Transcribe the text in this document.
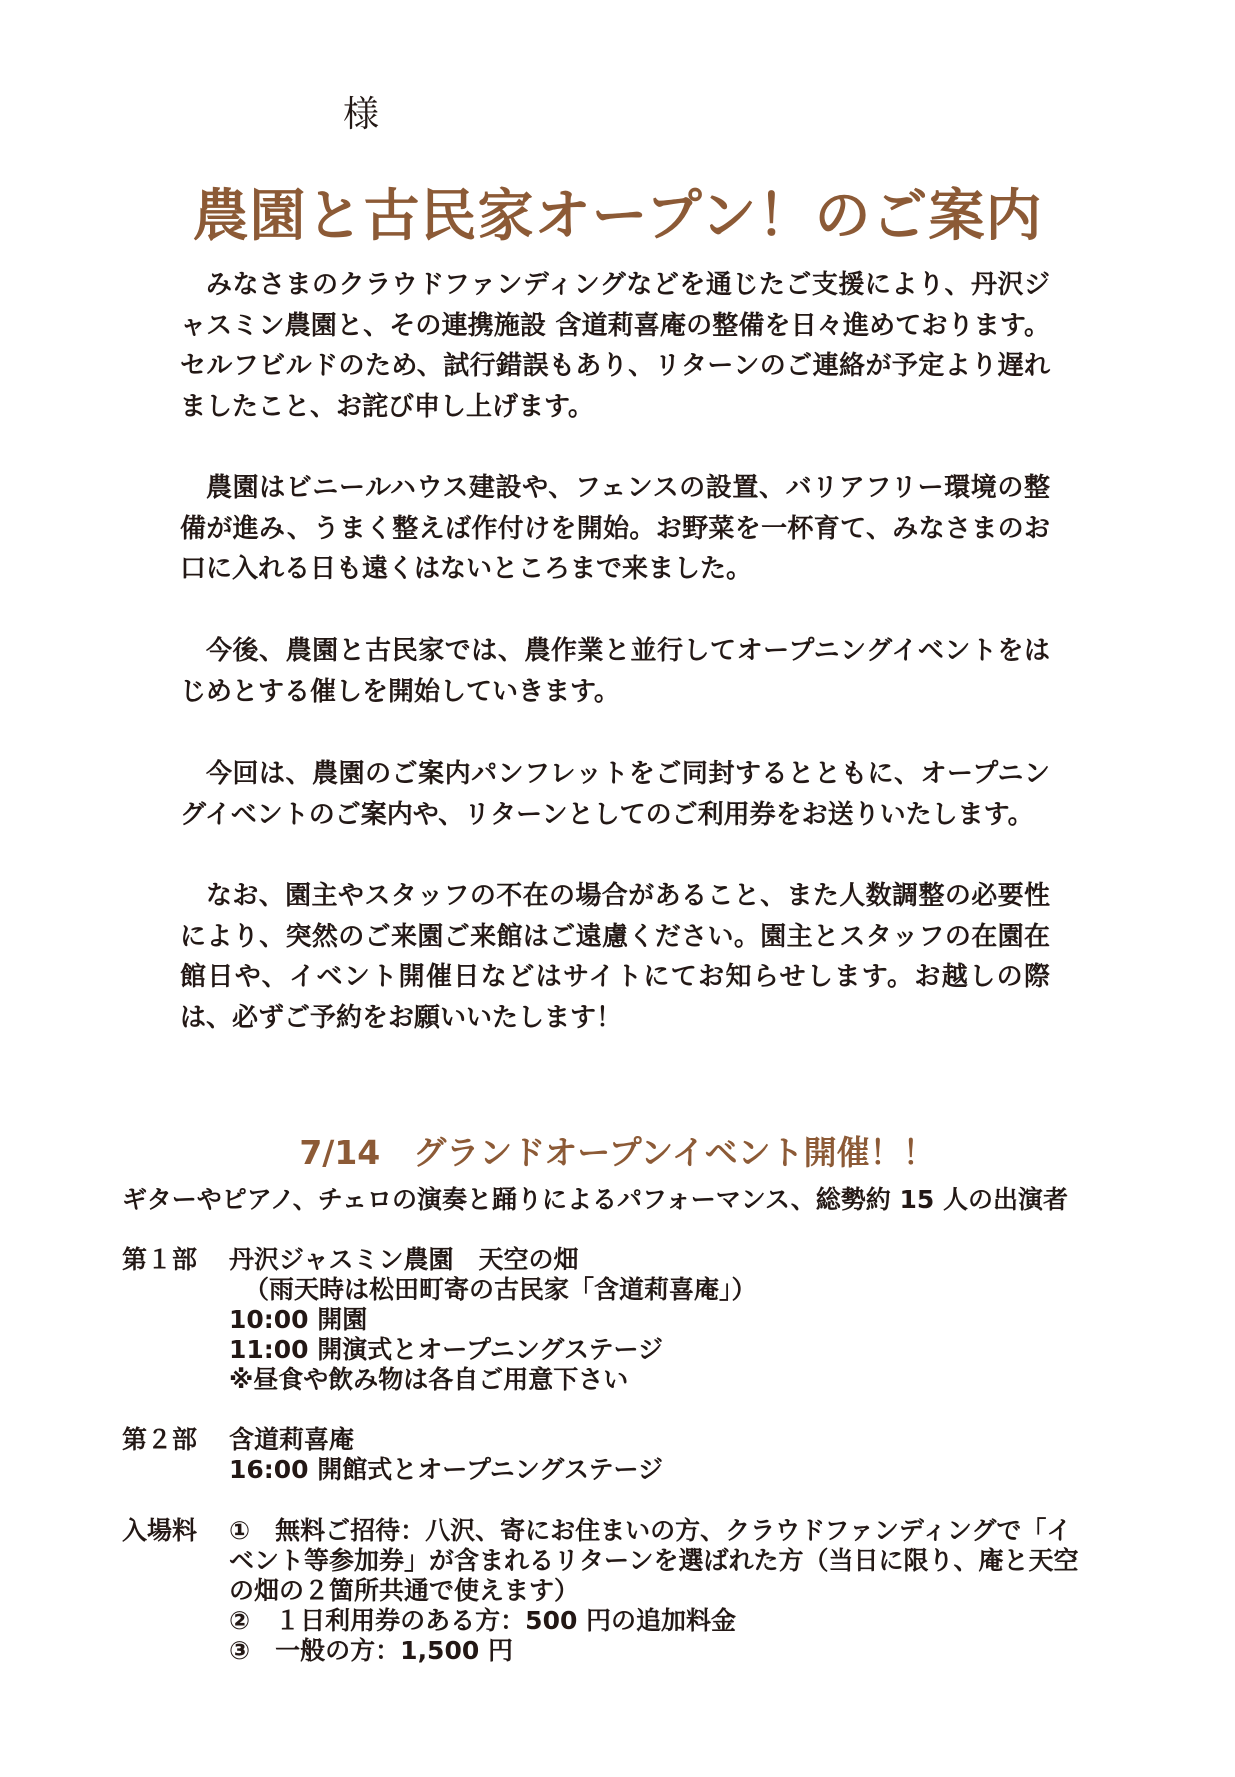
様
農園と古民家オープン！のご案内

みなさまのクラウドファンディングなどを通じたご支援により、丹沢ジャスミン農園と、その連携施設 含道莉喜庵の整備を日々進めております。セルフビルドのため、試行錯誤もあり、リターンのご連絡が予定より遅れましたこと、お詫び申し上げます。

農園はビニールハウス建設や、フェンスの設置、バリアフリー環境の整備が進み、うまく整えば作付けを開始。お野菜を一杯育て、みなさまのお口に入れる日も遠くはないところまで来ました。

今後、農園と古民家では、農作業と並行してオープニングイベントをはじめとする催しを開始していきます。

今回は、農園のご案内パンフレットをご同封するとともに、オープニングイベントのご案内や、リターンとしてのご利用券をお送りいたします。

なお、園主やスタッフの不在の場合があること、また人数調整の必要性により、突然のご来園ご来館はご遠慮ください。園主とスタッフの在園在館日や、イベント開催日などはサイトにてお知らせします。お越しの際は、必ずご予約をお願いいたします！

7/14　グランドオープンイベント開催！！
ギターやピアノ、チェロの演奏と踊りによるパフォーマンス、総勢約 15 人の出演者
第１部 丹沢ジャスミン農園　天空の畑
（雨天時は松田町寄の古民家「含道莉喜庵」）
10:00 開園
11:00 開演式とオープニングステージ
※昼食や飲み物は各自ご用意下さい
第２部 含道莉喜庵
16:00 開館式とオープニングステージ
入場料 ①　無料ご招待：八沢、寄にお住まいの方、クラウドファンディングで「イ
ベント等参加券」が含まれるリターンを選ばれた方（当日に限り、庵と天空
の畑の２箇所共通で使えます）
②　１日利用券のある方：500 円の追加料金
③　一般の方：1,500 円
